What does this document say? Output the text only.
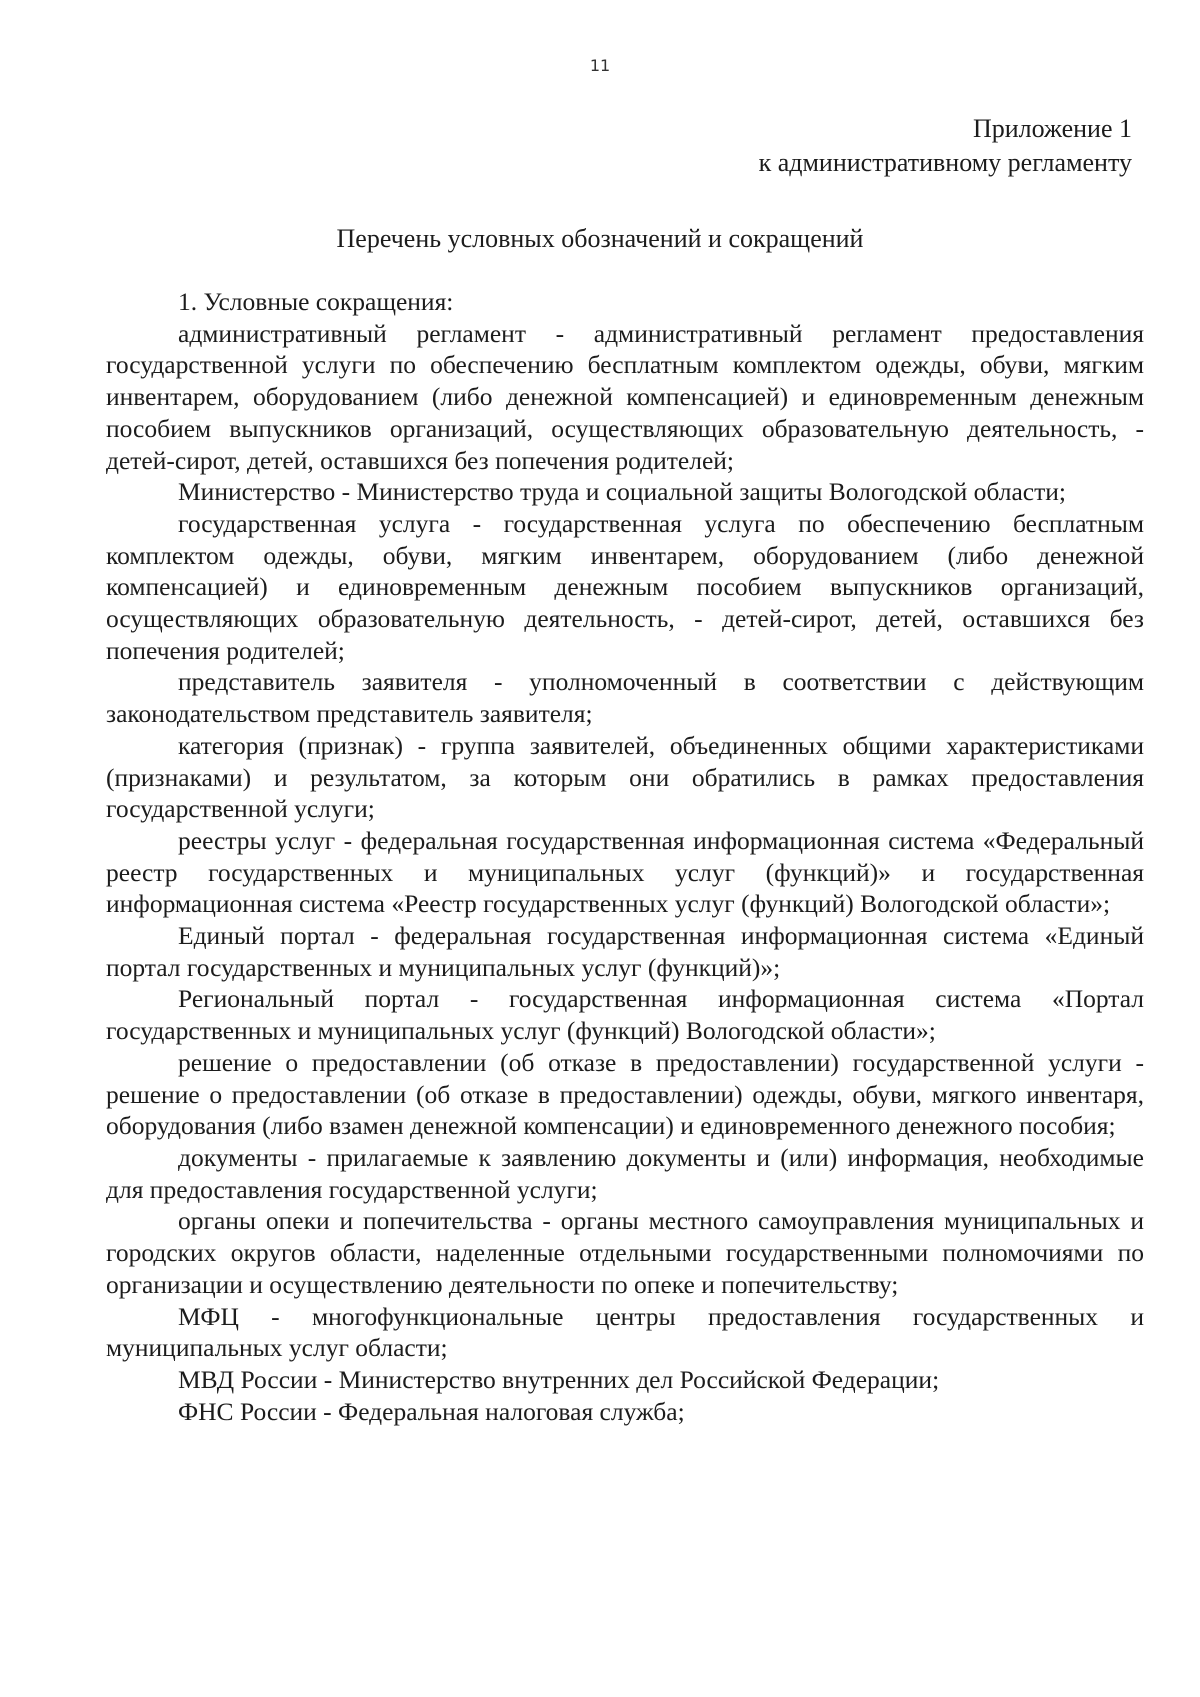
11
Приложение 1
к административному регламенту
Перечень условных обозначений и сокращений

1. Условные сокращения:

административный регламент - административный регламент предоставления государственной услуги по обеспечению бесплатным комплектом одежды, обуви, мягким инвентарем, оборудованием (либо денежной компенсацией) и единовременным денежным пособием выпускников организаций, осуществляющих образовательную деятельность, - детей-сирот, детей, оставшихся без попечения родителей;

Министерство - Министерство труда и социальной защиты Вологодской области;

государственная услуга - государственная услуга по обеспечению бесплатным комплектом одежды, обуви, мягким инвентарем, оборудованием (либо денежной компенсацией) и единовременным денежным пособием выпускников организаций, осуществляющих образовательную деятельность, - детей-сирот, детей, оставшихся без попечения родителей;

представитель заявителя - уполномоченный в соответствии с действующим законодательством представитель заявителя;

категория (признак) - группа заявителей, объединенных общими характеристиками (признаками) и результатом, за которым они обратились в рамках предоставления государственной услуги;

реестры услуг - федеральная государственная информационная система «Федеральный реестр государственных и муниципальных услуг (функций)» и государственная информационная система «Реестр государственных услуг (функций) Вологодской области»;

Единый портал - федеральная государственная информационная система «Единый портал государственных и муниципальных услуг (функций)»;

Региональный портал - государственная информационная система «Портал государственных и муниципальных услуг (функций) Вологодской области»;

решение о предоставлении (об отказе в предоставлении) государственной услуги - решение о предоставлении (об отказе в предоставлении) одежды, обуви, мягкого инвентаря, оборудования (либо взамен денежной компенсации) и единовременного денежного пособия;

документы - прилагаемые к заявлению документы и (или) информация, необходимые для предоставления государственной услуги;

органы опеки и попечительства - органы местного самоуправления муниципальных и городских округов области, наделенные отдельными государственными полномочиями по организации и осуществлению деятельности по опеке и попечительству;

МФЦ - многофункциональные центры предоставления государственных и муниципальных услуг области;

МВД России - Министерство внутренних дел Российской Федерации;

ФНС России - Федеральная налоговая служба;
